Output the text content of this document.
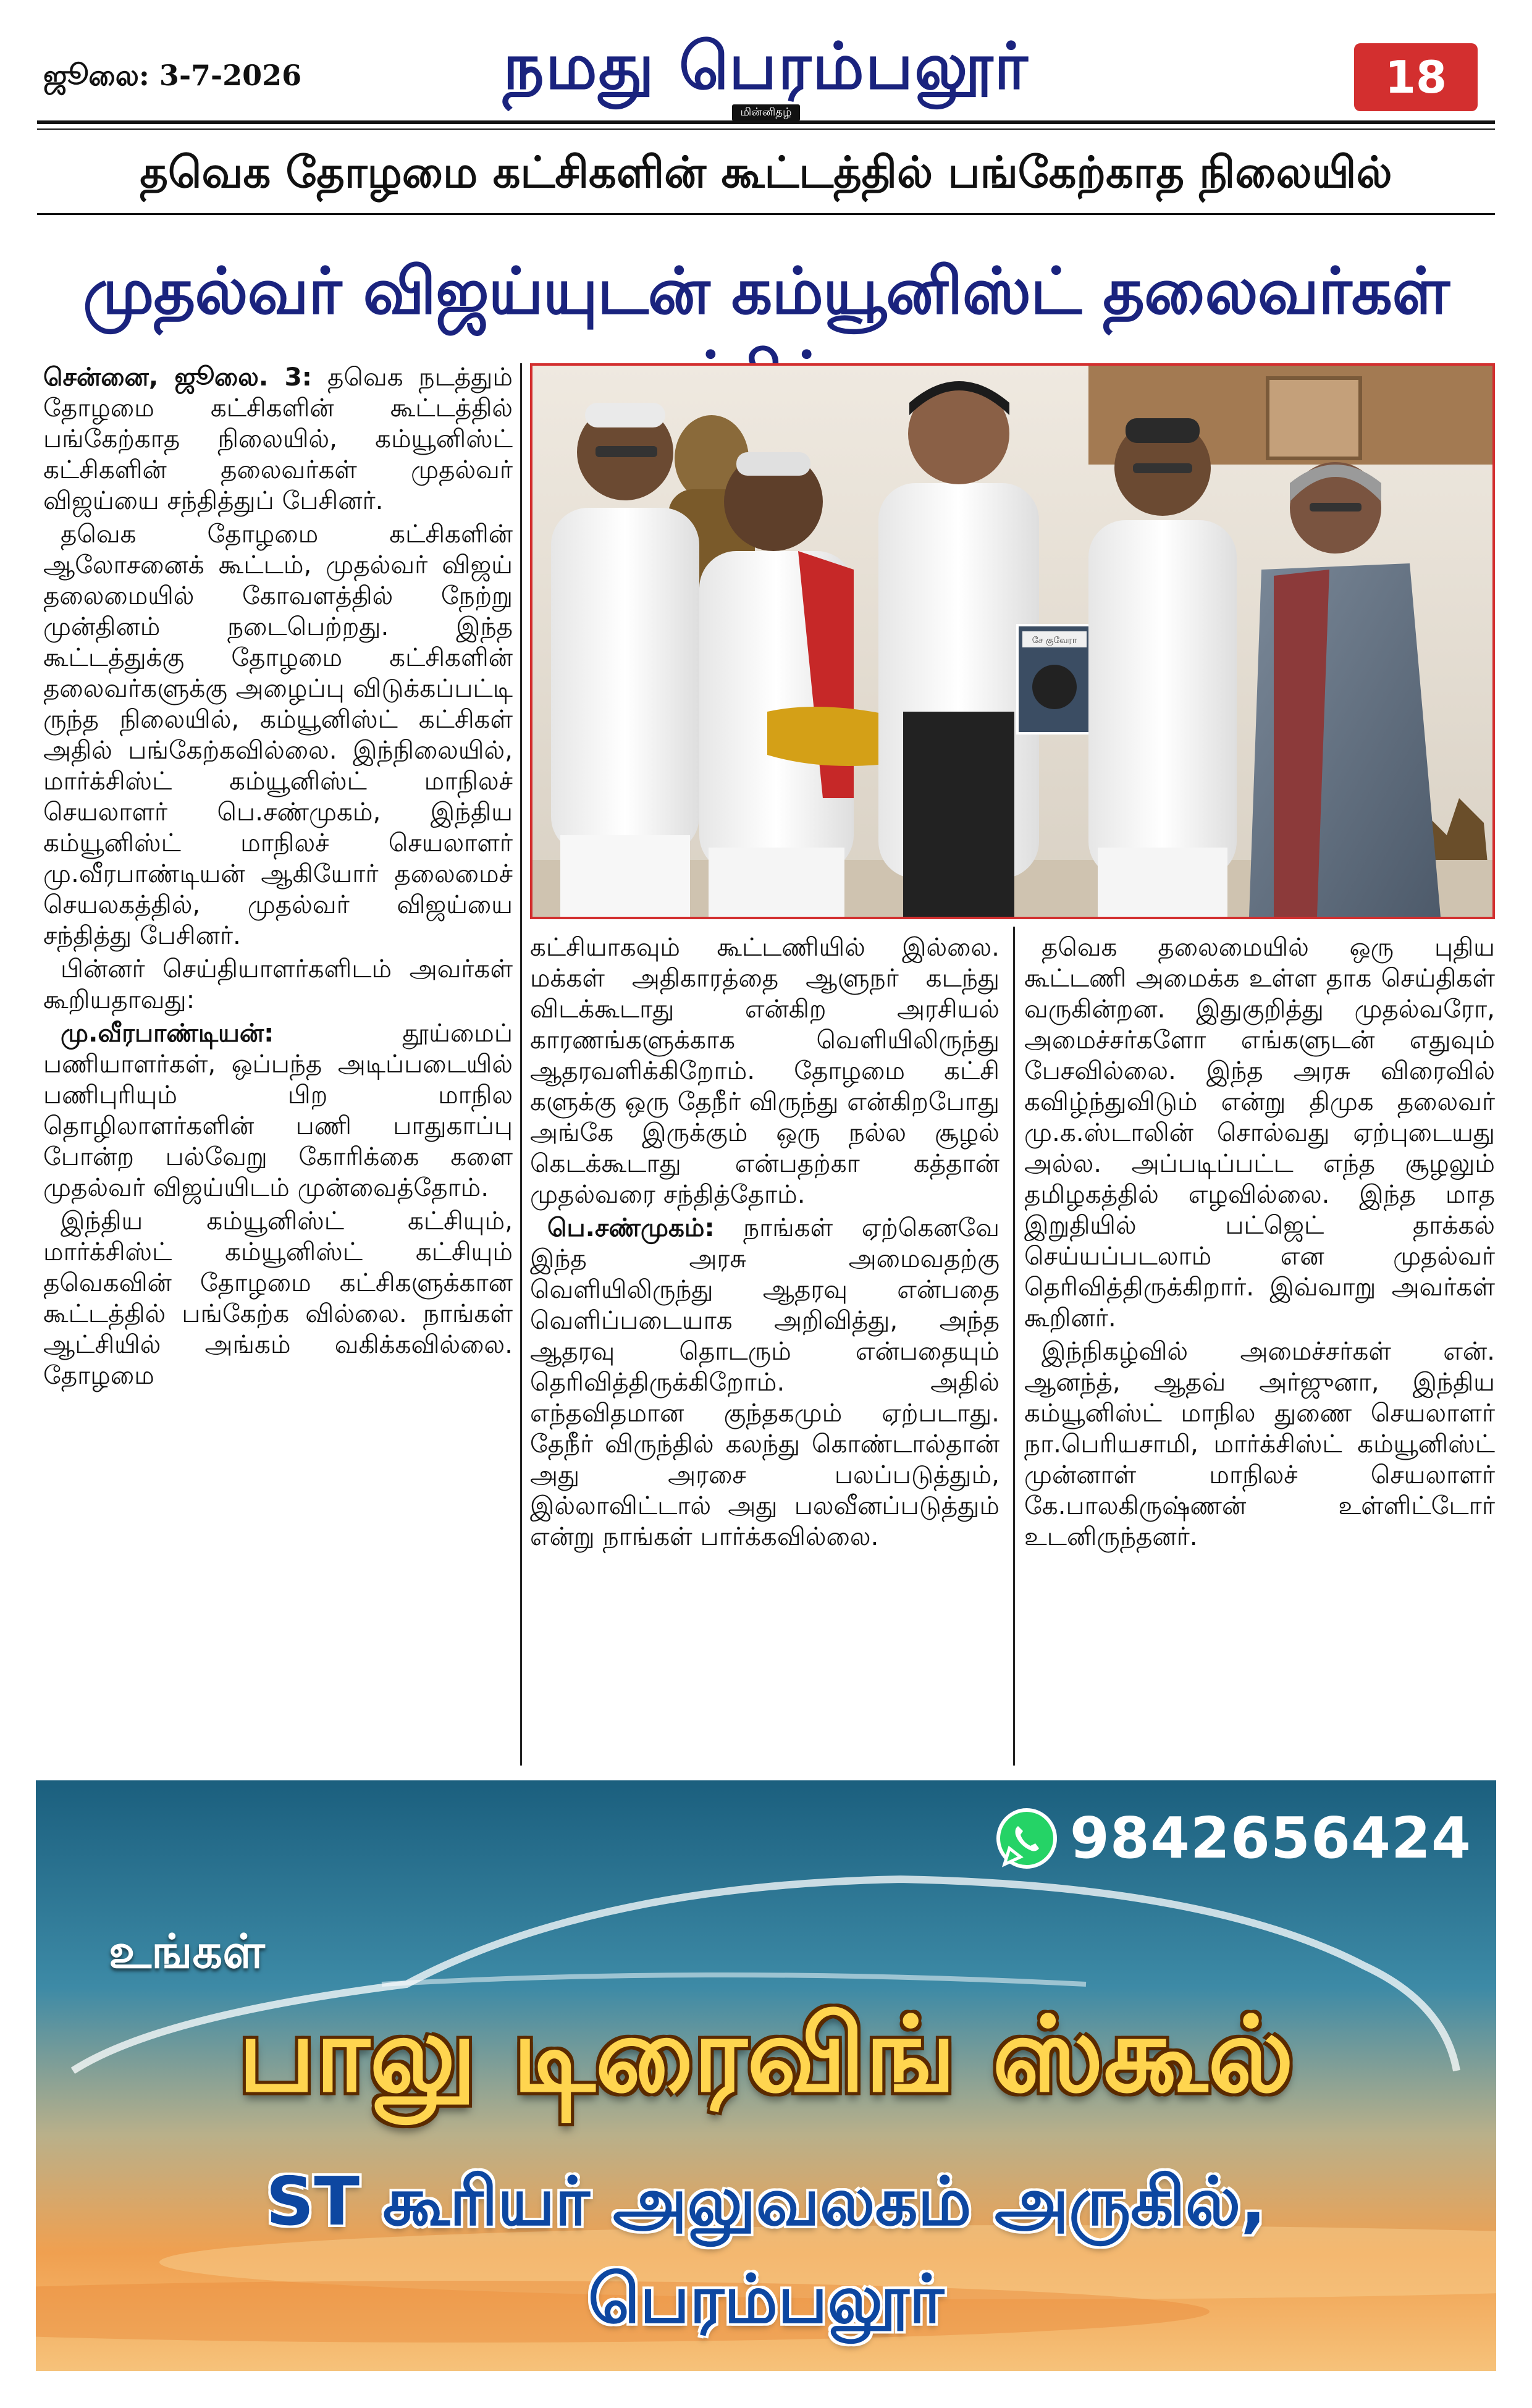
ஜூலை: 3-7-2026	நமது பெரம்பலூர்
மின்னிதழ்
18
தவெக தோழமை கட்சிகளின் கூட்டத்தில் பங்கேற்காத நிலையில்
முதல்வர் விஜய்யுடன் கம்யூனிஸ்ட் தலைவர்கள்
சே குவேரா

சென்னை, ஜூலை. 3: தவெக நடத்தும் தோழமை கட்சிகளின் கூட்டத்தில் பங்கேற்காத நிலையில், கம்யூனிஸ்ட் கட்சிகளின் தலைவர்கள் முதல்வர் விஜய்யை சந்தித்துப் பேசினர்.

தவெக தோழமை கட்சிகளின் ஆலோசனைக் கூட்டம், முதல்வர் விஜய் தலைமையில் கோவளத்தில் நேற்று முன்தினம் நடைபெற்றது. இந்த கூட்டத்துக்கு தோழமை கட்சிகளின் தலைவர்களுக்கு அழைப்பு விடுக்கப்பட்டி ருந்த நிலையில், கம்யூனிஸ்ட் கட்சிகள் அதில் பங்கேற்கவில்லை. இந்நிலையில், மார்க்சிஸ்ட் கம்யூனிஸ்ட் மாநிலச் செயலாளர் பெ.சண்முகம், இந்திய கம்யூனிஸ்ட் மாநிலச் செயலாளர் மு.வீரபாண்டியன் ஆகியோர் தலைமைச் செயலகத்தில், முதல்வர் விஜய்யை சந்தித்து பேசினர்.

பின்னர் செய்தியாளர்களிடம் அவர்கள் கூறியதாவது:

மு.வீரபாண்டியன்:	தூய்மைப் பணியாளர்கள், ஒப்பந்த அடிப்படையில் பணிபுரியும் பிற மாநில தொழிலாளர்களின் பணி பாதுகாப்பு போன்ற பல்வேறு கோரிக்கை களை முதல்வர் விஜய்யிடம் முன்வைத்தோம்.

இந்திய கம்யூனிஸ்ட் கட்சியும், மார்க்சிஸ்ட் கம்யூனிஸ்ட் கட்சியும் தவெகவின் தோழமை கட்சிகளுக்கான கூட்டத்தில் பங்கேற்க வில்லை. நாங்கள் ஆட்சியில் அங்கம் வகிக்கவில்லை. தோழமை

கட்சியாகவும் கூட்டணியில் இல்லை. மக்கள் அதிகாரத்தை ஆளுநர் கடந்து விடக்கூடாது என்கிற அரசியல் காரணங்களுக்காக வெளியிலிருந்து ஆதரவளிக்கிறோம். தோழமை கட்சி களுக்கு ஒரு தேநீர் விருந்து என்கிறபோது அங்கே இருக்கும் ஒரு நல்ல சூழல் கெடக்கூடாது என்பதற்கா கத்தான் முதல்வரை சந்தித்தோம்.

பெ.சண்முகம்: நாங்கள் ஏற்கெனவே இந்த அரசு அமைவதற்கு வெளியிலிருந்து ஆதரவு என்பதை வெளிப்படையாக அறிவித்து, அந்த ஆதரவு தொடரும் என்பதையும் தெரிவித்திருக்கிறோம். அதில் எந்தவிதமான குந்தகமும் ஏற்படாது. தேநீர் விருந்தில் கலந்து கொண்டால்தான் அது அரசை பலப்படுத்தும், இல்லாவிட்டால் அது பலவீனப்படுத்தும் என்று நாங்கள் பார்க்கவில்லை.

தவெக தலைமையில் ஒரு புதிய கூட்டணி அமைக்க உள்ள தாக செய்திகள் வருகின்றன. இதுகுறித்து முதல்வரோ, அமைச்சர்களோ எங்களுடன் எதுவும் பேசவில்லை. இந்த அரசு விரைவில் கவிழ்ந்துவிடும் என்று திமுக தலைவர் மு.க.ஸ்டாலின் சொல்வது ஏற்புடையது அல்ல. அப்படிப்பட்ட எந்த சூழலும் தமிழகத்தில் எழவில்லை. இந்த மாத இறுதியில் பட்ஜெட் தாக்கல் செய்யப்படலாம் என முதல்வர் தெரிவித்திருக்கிறார். இவ்வாறு அவர்கள் கூறினர்.

இந்நிகழ்வில் அமைச்சர்கள் என். ஆனந்த், ஆதவ் அர்ஜுனா, இந்திய கம்யூனிஸ்ட் மாநில துணை செயலாளர் நா.பெரியசாமி, மார்க்சிஸ்ட் கம்யூனிஸ்ட் முன்னாள் மாநிலச் செயலாளர் கே.பாலகிருஷ்ணன் உள்ளிட்டோர் உடனிருந்தனர்.

9842656424
உங்கள்
பாலு டிரைவிங் ஸ்கூல்
ST கூரியர் அலுவலகம் அருகில்,
பெரம்பலூர்
